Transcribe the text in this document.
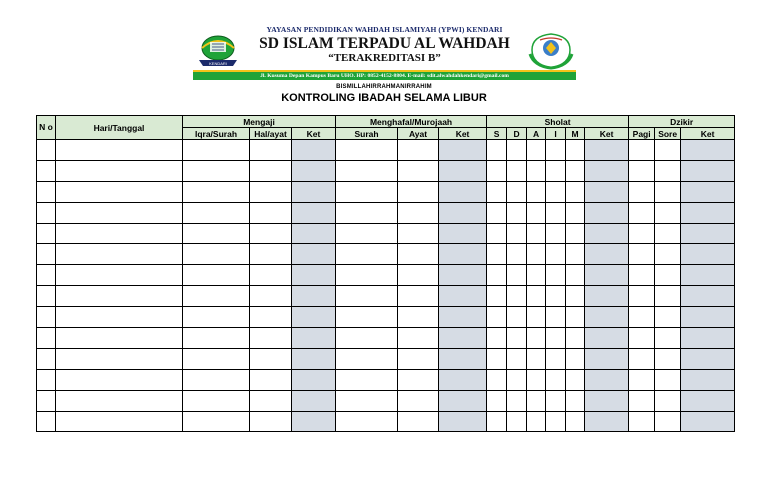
KENDARI
YAYASAN PENDIDIKAN WAHDAH ISLAMIYAH (YPWI) KENDARI
SD ISLAM TERPADU AL WAHDAH
“TERAKREDITASI B”
Jl. Kusuma Depan Kampus Baru UHO. HP: 0852-4152-8804. E-mail: sdit.alwahdahkendari@gmail.com
BISMILLAHIRRAHMANIRRAHIM
KONTROLING IBADAH SELAMA LIBUR
N o	Hari/Tanggal	Mengaji			Menghafal/Murojaah			Sholat						Dzikir		
		Iqra/Surah	Hal/ayat	Ket	Surah	Ayat	Ket	S	D	A	I	M	Ket	Pagi	Sore	Ket
